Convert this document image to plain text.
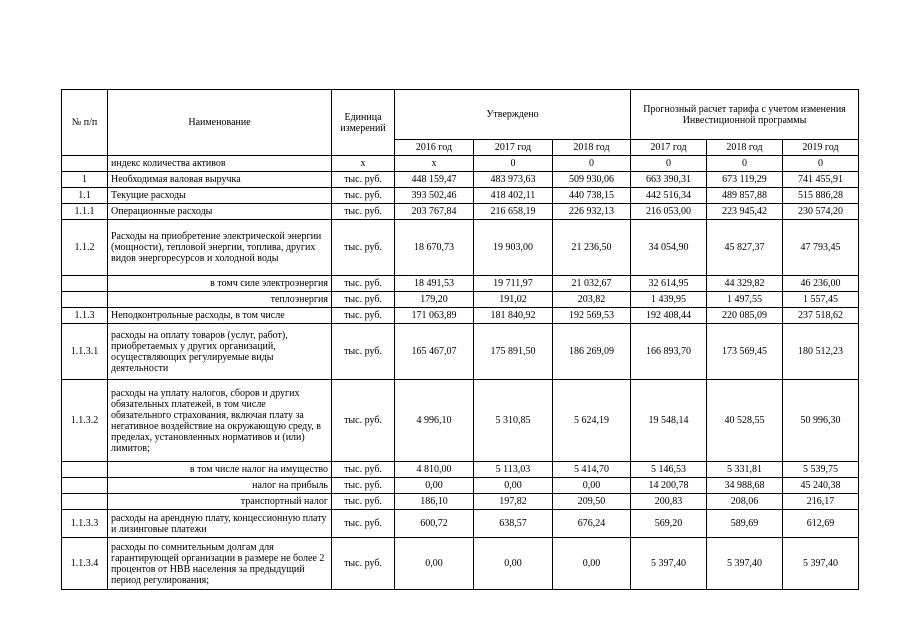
№ п/п	Наименование	Единица измерений	Утверждено			Прогнозный расчет тарифа с учетом изменения Инвестиционной программы		
			2016 год	2017 год	2018 год	2017 год	2018 год	2019 год
	индекс количества активов	х	х	0	0	0	0	0
1	Необходимая валовая выручка	тыс. руб.	448 159,47	483 973,63	509 930,06	663 390,31	673 119,29	741 455,91
1.1	Текущие расходы	тыс. руб.	393 502,46	418 402,11	440 738,15	442 516,34	489 857,88	515 886,28
1.1.1	Операционные расходы	тыс. руб.	203 767,84	216 658,19	226 932,13	216 053,00	223 945,42	230 574,20
1.1.2	Расходы на приобретение электрической энергии (мощности), тепловой энергии, топлива, других видов энергоресурсов и холодной воды	тыс. руб.	18 670,73	19 903,00	21 236,50	34 054,90	45 827,37	47 793,45
	в томч силе электроэнергия	тыс. руб.	18 491,53	19 711,97	21 032,67	32 614,95	44 329,82	46 236,00
	теплоэнергия	тыс. руб.	179,20	191,02	203,82	1 439,95	1 497,55	1 557,45
1.1.3	Неподконтрольные расходы, в том числе	тыс. руб.	171 063,89	181 840,92	192 569,53	192 408,44	220 085,09	237 518,62
1.1.3.1	расходы на оплату товаров (услуг, работ), приобретаемых у других организаций, осуществляющих регулируемые виды деятельности	тыс. руб.	165 467,07	175 891,50	186 269,09	166 893,70	173 569,45	180 512,23
1.1.3.2	расходы на уплату налогов, сборов и других обязательных платежей, в том числе обязательного страхования, включая плату за негативное воздействие на окружающую среду, в пределах, установленных нормативов и (или) лимитов;	тыс. руб.	4 996,10	5 310,85	5 624,19	19 548,14	40 528,55	50 996,30
	в том числе налог на имущество	тыс. руб.	4 810,00	5 113,03	5 414,70	5 146,53	5 331,81	5 539,75
	налог на прибыль	тыс. руб.	0,00	0,00	0,00	14 200,78	34 988,68	45 240,38
	транспортный налог	тыс. руб.	186,10	197,82	209,50	200,83	208,06	216,17
1.1.3.3	расходы на арендную плату, концессионную плату и лизинговые платежи	тыс. руб.	600,72	638,57	676,24	569,20	589,69	612,69
1.1.3.4	расходы по сомнительным долгам для гарантирующей организации в размере не более 2 процентов от НВВ населения за предыдущий период регулирования;	тыс. руб.	0,00	0,00	0,00	5 397,40	5 397,40	5 397,40
